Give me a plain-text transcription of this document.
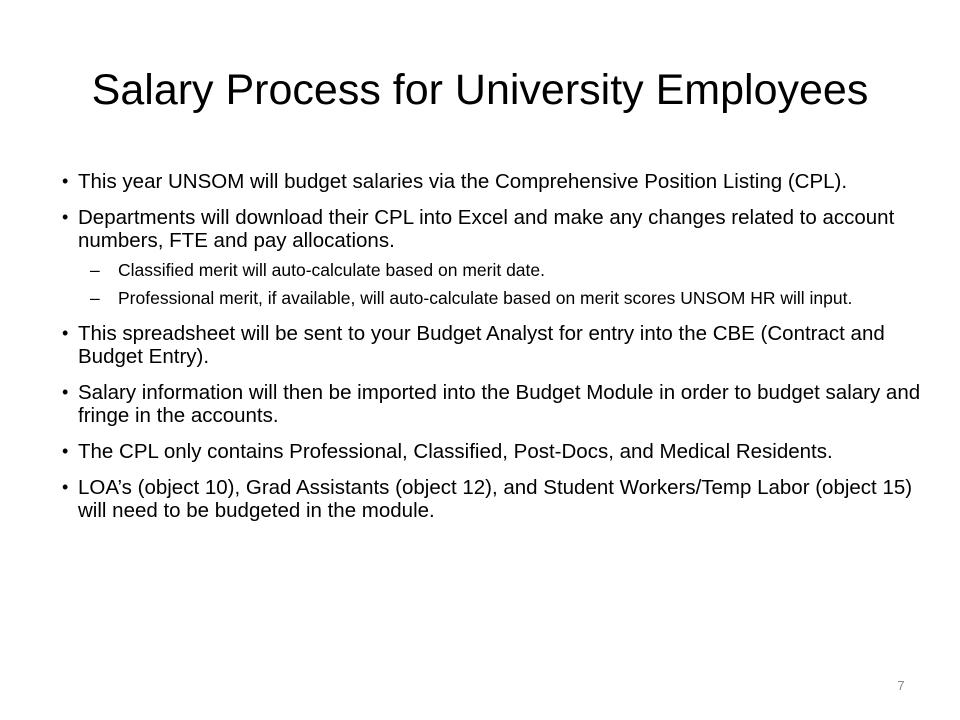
Salary Process for University Employees
• This year UNSOM will budget salaries via the Comprehensive Position Listing (CPL).
• Departments will download their CPL into Excel and make any changes related to account numbers, FTE and pay allocations.
– Classified merit will auto-calculate based on merit date.
– Professional merit, if available, will auto-calculate based on merit scores UNSOM HR will input.
• This spreadsheet will be sent to your Budget Analyst for entry into the CBE (Contract and Budget Entry).
• Salary information will then be imported into the Budget Module in order to budget salary and fringe in the accounts.
• The CPL only contains Professional, Classified, Post-Docs, and Medical Residents.
• LOA’s (object 10), Grad Assistants (object 12), and Student Workers/Temp Labor (object 15) will need to be budgeted in the module.
7
